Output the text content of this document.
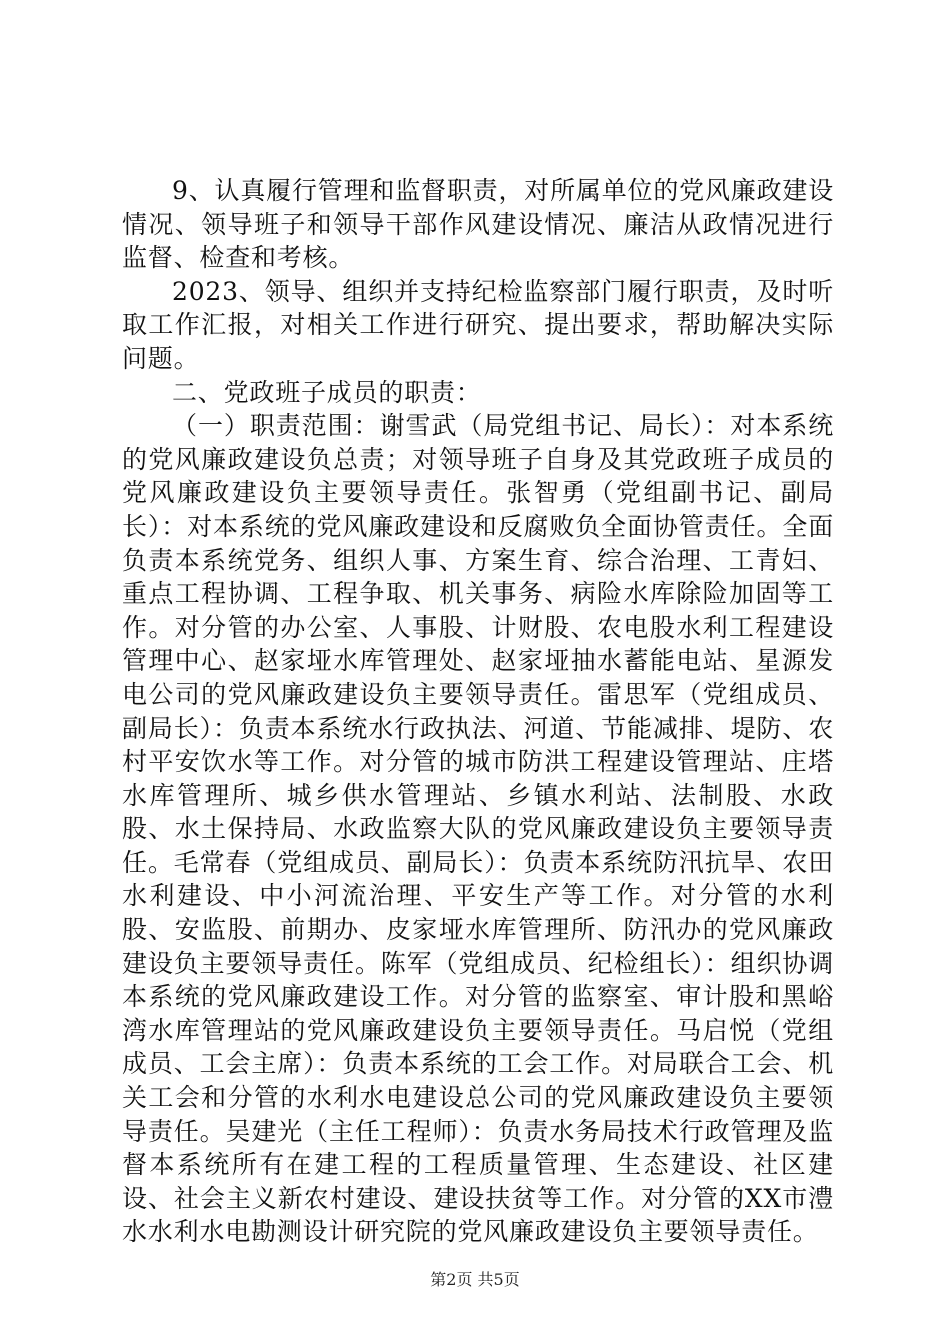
9、认真履行管理和监督职责，对所属单位的党风廉政建设情况、领导班子和领导干部作风建设情况、廉洁从政情况进行监督、检查和考核。

2023、领导、组织并支持纪检监察部门履行职责，及时听取工作汇报，对相关工作进行研究、提出要求，帮助解决实际问题。

二、党政班子成员的职责：

（一）职责范围：谢雪武（局党组书记、局长）：对本系统的党风廉政建设负总责；对领导班子自身及其党政班子成员的党风廉政建设负主要领导责任。张智勇（党组副书记、副局长）：对本系统的党风廉政建设和反腐败负全面协管责任。全面负责本系统党务、组织人事、方案生育、综合治理、工青妇、重点工程协调、工程争取、机关事务、病险水库除险加固等工作。对分管的办公室、人事股、计财股、农电股水利工程建设管理中心、赵家垭水库管理处、赵家垭抽水蓄能电站、星源发电公司的党风廉政建设负主要领导责任。雷思军（党组成员、副局长）：负责本系统水行政执法、河道、节能减排、堤防、农村平安饮水等工作。对分管的城市防洪工程建设管理站、庄塔水库管理所、城乡供水管理站、乡镇水利站、法制股、水政股、水土保持局、水政监察大队的党风廉政建设负主要领导责任。毛常春（党组成员、副局长）：负责本系统防汛抗旱、农田水利建设、中小河流治理、平安生产等工作。对分管的水利股、安监股、前期办、皮家垭水库管理所、防汛办的党风廉政建设负主要领导责任。陈军（党组成员、纪检组长）：组织协调本系统的党风廉政建设工作。对分管的监察室、审计股和黑峪湾水库管理站的党风廉政建设负主要领导责任。马启悦（党组成员、工会主席）：负责本系统的工会工作。对局联合工会、机关工会和分管的水利水电建设总公司的党风廉政建设负主要领导责任。吴建光（主任工程师）：负责水务局技术行政管理及监督本系统所有在建工程的工程质量管理、生态建设、社区建设、社会主义新农村建设、建设扶贫等工作。对分管的XX市澧水水利水电勘测设计研究院的党风廉政建设负主要领导责任。

第2页 共5页
